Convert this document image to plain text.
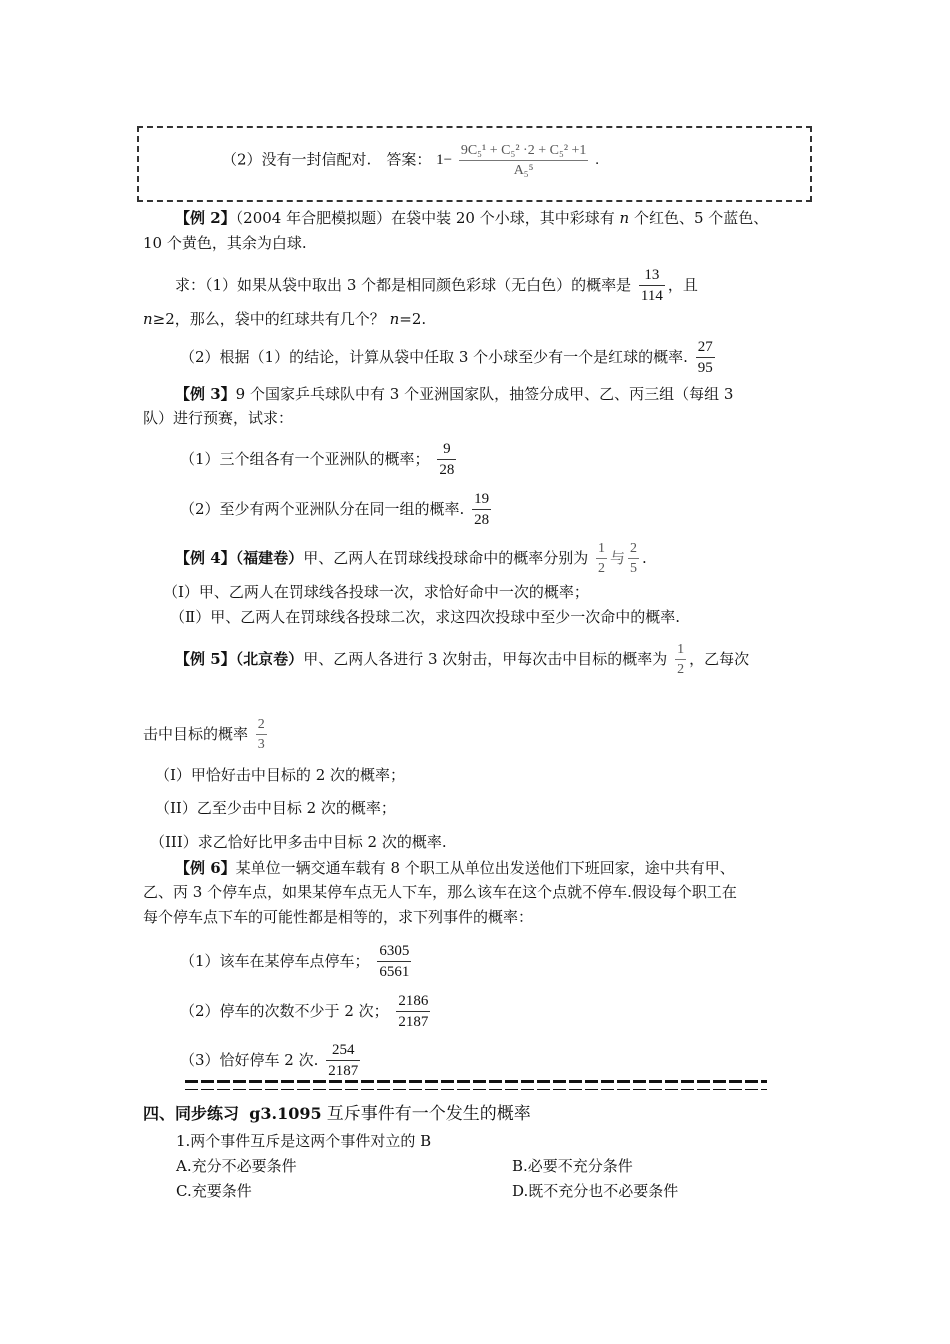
（2）没有一封信配对.　答案： $1- \frac{\text{9C₅¹ + C₅² ·2 + C₅² +1}}{\text{A₅⁵}}$ .
【例 2】（2004 年合肥模拟题）在袋中装 20 个小球，其中彩球有 n 个红色、5 个蓝色、
10 个黄色，其余为白球.
求：（1）如果从袋中取出 3 个都是相同颜色彩球（无白色）的概率是 $\frac{13}{114}$ ，且
n≥2，那么，袋中的红球共有几个？ n=2.
（2）根据（1）的结论，计算从袋中任取 3 个小球至少有一个是红球的概率. $\frac{27}{95}$
【例 3】9 个国家乒乓球队中有 3 个亚洲国家队，抽签分成甲、乙、丙三组（每组 3
队）进行预赛，试求：
（1）三个组各有一个亚洲队的概率； $\frac{9}{28}$
（2）至少有两个亚洲队分在同一组的概率. $\frac{19}{28}$
【例 4】（福建卷）甲、乙两人在罚球线投球命中的概率分别为 $\frac{1}{2}$ 与 $\frac{2}{5}$ .
（Ⅰ）甲、乙两人在罚球线各投球一次，求恰好命中一次的概率；
（Ⅱ）甲、乙两人在罚球线各投球二次，求这四次投球中至少一次命中的概率.
【例 5】（北京卷）甲、乙两人各进行 3 次射击，甲每次击中目标的概率为 $\frac{1}{2}$ ，乙每次
击中目标的概率 $\frac{2}{3}$
（I）甲恰好击中目标的 2 次的概率；
（II）乙至少击中目标 2 次的概率；
（III）求乙恰好比甲多击中目标 2 次的概率.
【例 6】某单位一辆交通车载有 8 个职工从单位出发送他们下班回家，途中共有甲、
乙、丙 3 个停车点，如果某停车点无人下车，那么该车在这个点就不停车.假设每个职工在
每个停车点下车的可能性都是相等的，求下列事件的概率：
（1）该车在某停车点停车； $\frac{6305}{6561}$
（2）停车的次数不少于 2 次； $\frac{2186}{2187}$
（3）恰好停车 2 次. $\frac{254}{2187}$
四、同步练习 g3.1095 互斥事件有一个发生的概率
1.两个事件互斥是这两个事件对立的 B
A.充分不必要条件	B.必要不充分条件
C.充要条件	D.既不充分也不必要条件
